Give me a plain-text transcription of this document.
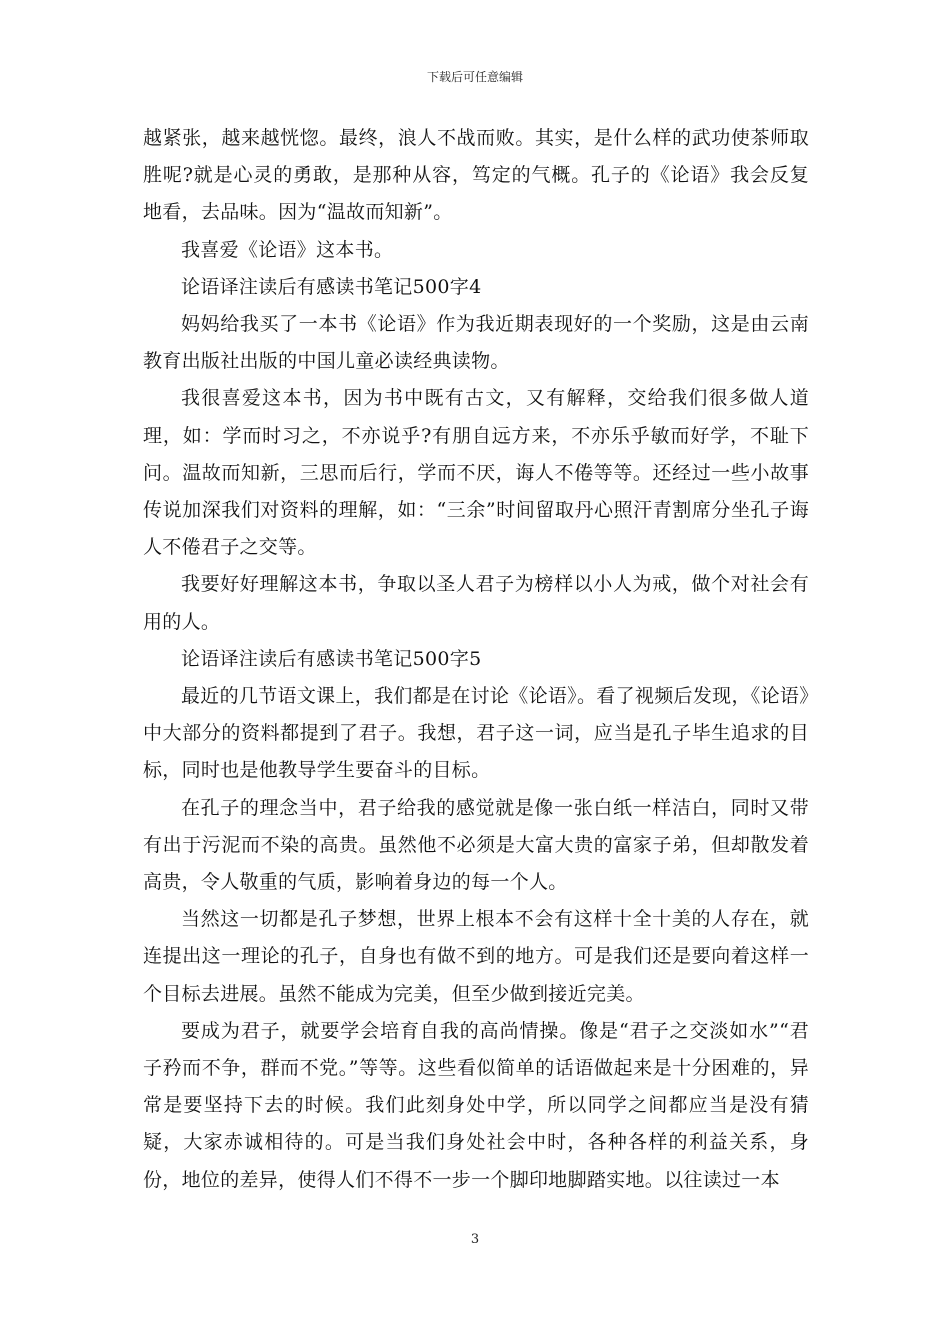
下载后可任意编辑

越紧张，越来越恍惚。最终，浪人不战而败。其实，是什么样的武功使茶师取胜呢?就是心灵的勇敢，是那种从容，笃定的气概。孔子的《论语》我会反复地看，去品味。因为“温故而知新”。

我喜爱《论语》这本书。

论语译注读后有感读书笔记500字4

妈妈给我买了一本书《论语》作为我近期表现好的一个奖励，这是由云南教育出版社出版的中国儿童必读经典读物。

我很喜爱这本书，因为书中既有古文，又有解释，交给我们很多做人道理，如：学而时习之，不亦说乎?有朋自远方来，不亦乐乎敏而好学，不耻下问。温故而知新，三思而后行，学而不厌，诲人不倦等等。还经过一些小故事传说加深我们对资料的理解，如：“三余”时间留取丹心照汗青割席分坐孔子诲人不倦君子之交等。

我要好好理解这本书，争取以圣人君子为榜样以小人为戒，做个对社会有用的人。

论语译注读后有感读书笔记500字5

最近的几节语文课上，我们都是在讨论《论语》。看了视频后发现，《论语》中大部分的资料都提到了君子。我想，君子这一词，应当是孔子毕生追求的目标，同时也是他教导学生要奋斗的目标。

在孔子的理念当中，君子给我的感觉就是像一张白纸一样洁白，同时又带有出于污泥而不染的高贵。虽然他不必须是大富大贵的富家子弟，但却散发着高贵，令人敬重的气质，影响着身边的每一个人。

当然这一切都是孔子梦想，世界上根本不会有这样十全十美的人存在，就连提出这一理论的孔子，自身也有做不到的地方。可是我们还是要向着这样一个目标去进展。虽然不能成为完美，但至少做到接近完美。

要成为君子，就要学会培育自我的高尚情操。像是“君子之交淡如水”“君子矜而不争，群而不党。”等等。这些看似简单的话语做起来是十分困难的，异常是要坚持下去的时候。我们此刻身处中学，所以同学之间都应当是没有猜疑，大家赤诚相待的。可是当我们身处社会中时，各种各样的利益关系，身份，地位的差异，使得人们不得不一步一个脚印地脚踏实地。以往读过一本

3
